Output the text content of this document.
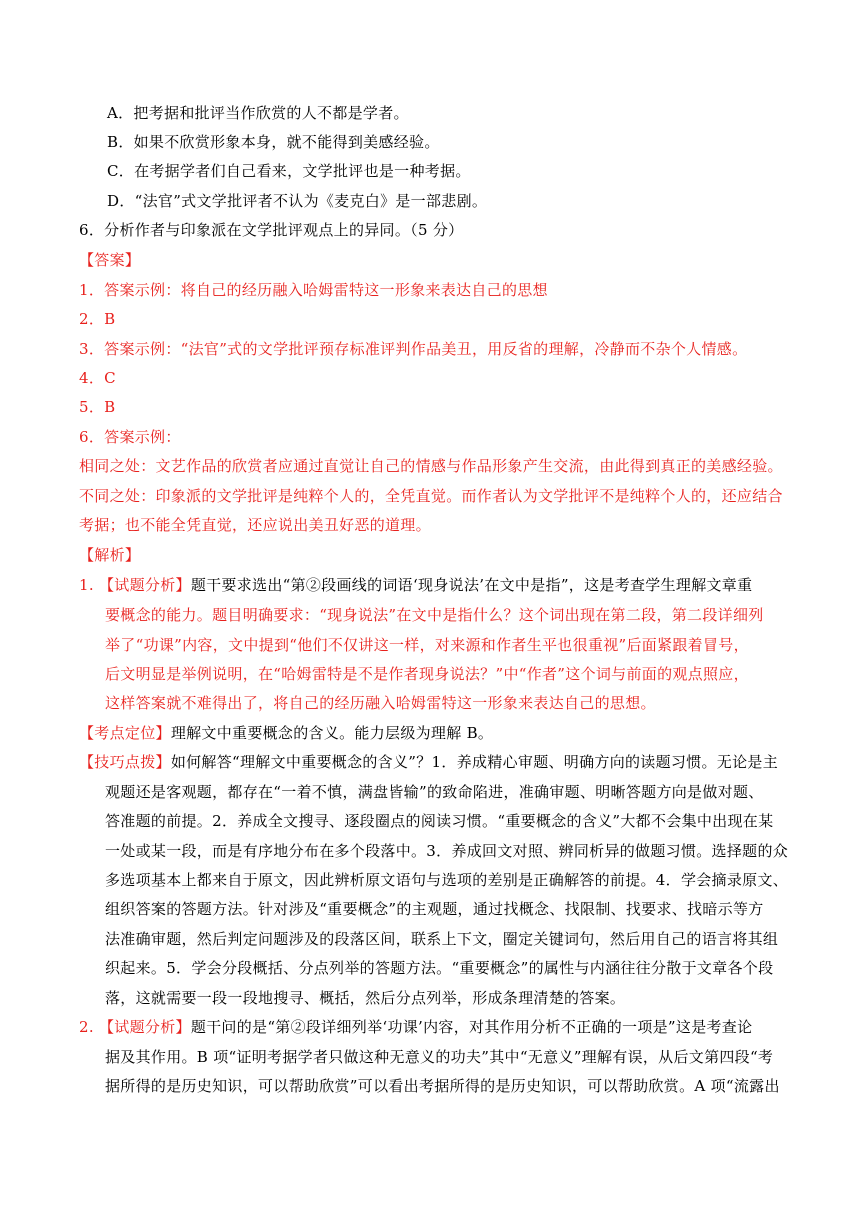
A．把考据和批评当作欣赏的人不都是学者。
B．如果不欣赏形象本身，就不能得到美感经验。
C．在考据学者们自己看来，文学批评也是一种考据。
D．“法官”式文学批评者不认为《麦克白》是一部悲剧。
6．分析作者与印象派在文学批评观点上的异同。（5 分）
【答案】
1．答案示例：将自己的经历融入哈姆雷特这一形象来表达自己的思想
2．B
3．答案示例：“法官”式的文学批评预存标准评判作品美丑，用反省的理解，冷静而不杂个人情感。
4．C
5．B
6．答案示例：
相同之处：文艺作品的欣赏者应通过直觉让自己的情感与作品形象产生交流，由此得到真正的美感经验。
不同之处：印象派的文学批评是纯粹个人的，全凭直觉。而作者认为文学批评不是纯粹个人的，还应结合
考据；也不能全凭直觉，还应说出美丑好恶的道理。
【解析】
1. 【试题分析】题干要求选出“第②段画线的词语‘现身说法’在文中是指”，这是考查学生理解文章重
要概念的能力。题目明确要求：“现身说法”在文中是指什么？这个词出现在第二段，第二段详细列
举了“功课”内容，文中提到“他们不仅讲这一样，对来源和作者生平也很重视”后面紧跟着冒号，
后文明显是举例说明，在“哈姆雷特是不是作者现身说法？”中“作者”这个词与前面的观点照应，
这样答案就不难得出了，将自己的经历融入哈姆雷特这一形象来表达自己的思想。
【考点定位】理解文中重要概念的含义。能力层级为理解 B。
【技巧点拨】如何解答“理解文中重要概念的含义”？1．养成精心审题、明确方向的读题习惯。无论是主
观题还是客观题，都存在“一着不慎，满盘皆输”的致命陷进，准确审题、明晰答题方向是做对题、
答准题的前提。2．养成全文搜寻、逐段圈点的阅读习惯。“重要概念的含义”大都不会集中出现在某
一处或某一段，而是有序地分布在多个段落中。3．养成回文对照、辨同析异的做题习惯。选择题的众
多选项基本上都来自于原文，因此辨析原文语句与选项的差别是正确解答的前提。4．学会摘录原文、
组织答案的答题方法。针对涉及“重要概念”的主观题，通过找概念、找限制、找要求、找暗示等方
法准确审题，然后判定问题涉及的段落区间，联系上下文，圈定关键词句，然后用自己的语言将其组
织起来。5．学会分段概括、分点列举的答题方法。“重要概念”的属性与内涵往往分散于文章各个段
落，这就需要一段一段地搜寻、概括，然后分点列举，形成条理清楚的答案。
2. 【试题分析】题干问的是“第②段详细列举‘功课’内容，对其作用分析不正确的一项是”这是考查论
据及其作用。B 项“证明考据学者只做这种无意义的功夫”其中“无意义”理解有误，从后文第四段“考
据所得的是历史知识，可以帮助欣赏”可以看出考据所得的是历史知识，可以帮助欣赏。A 项“流露出
